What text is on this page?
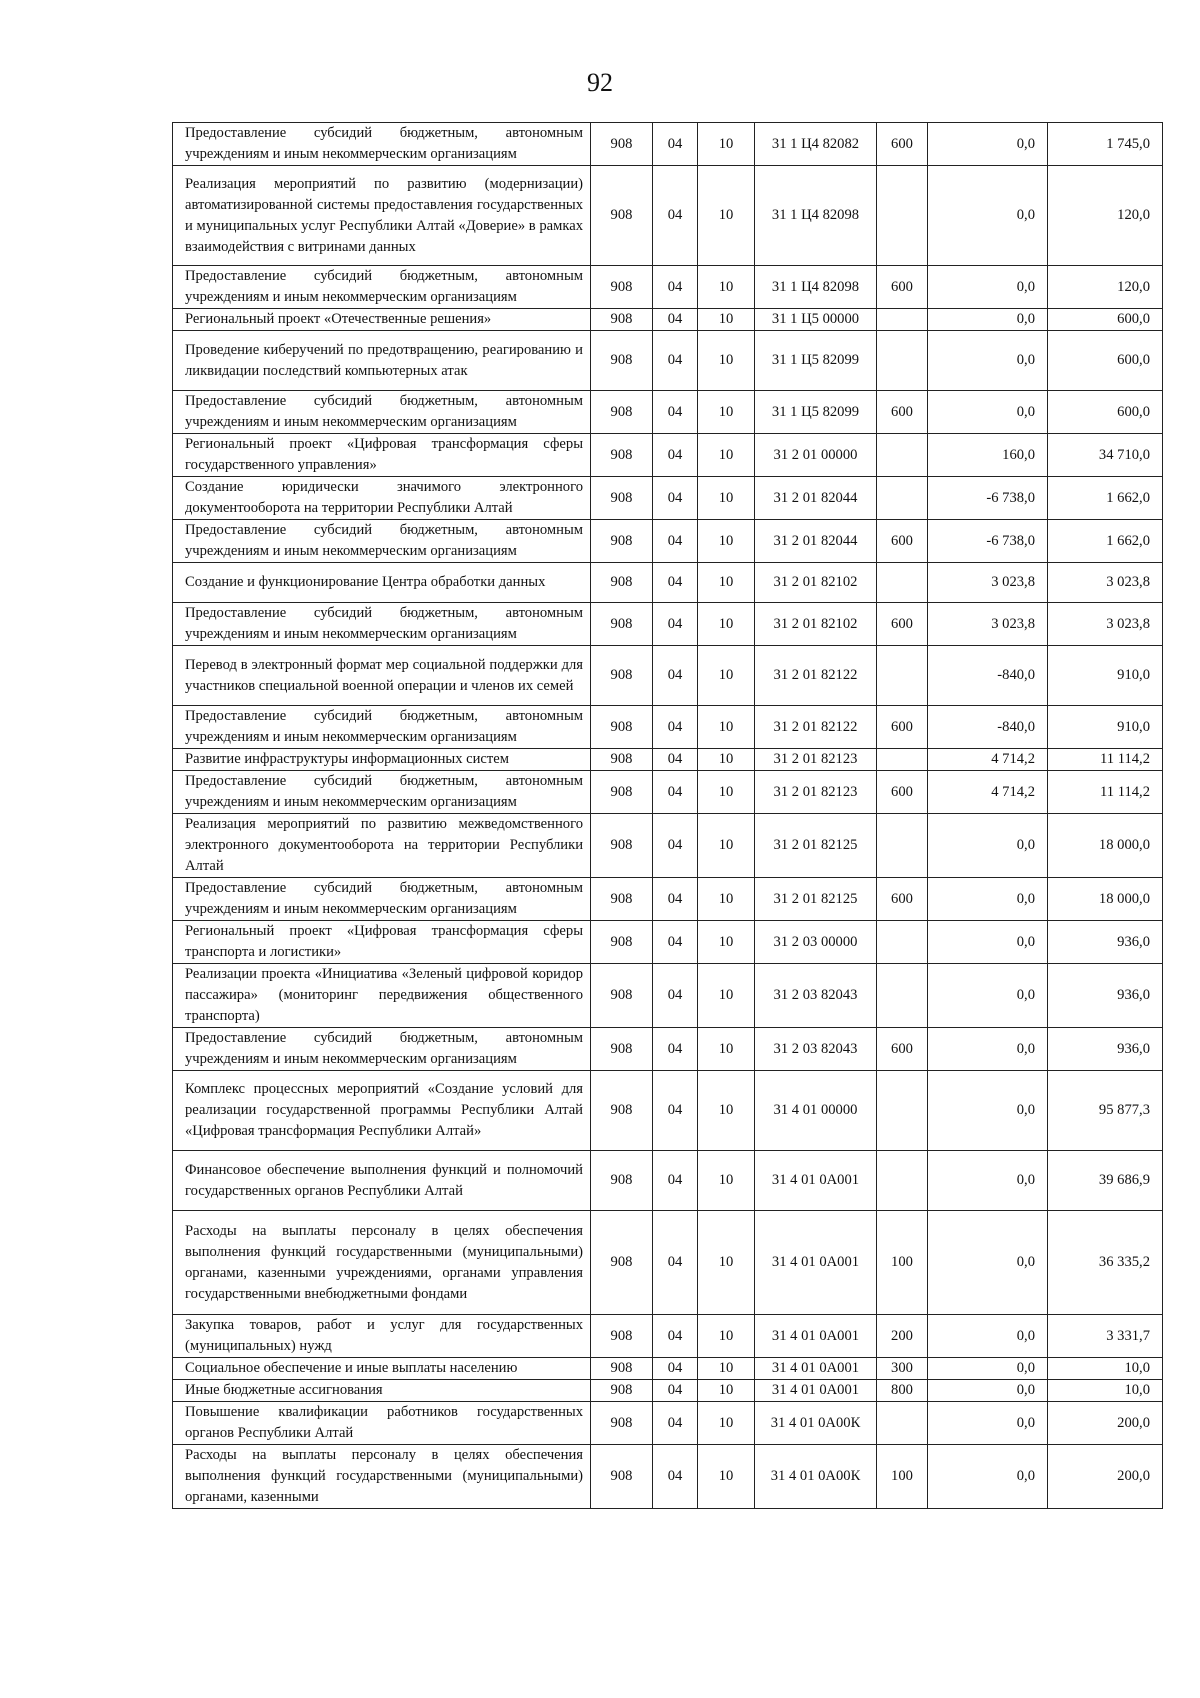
92
Предоставление субсидий бюджетным, автономным учреждениям и иным некоммерческим организациям	908	04	10	31 1 Ц4 82082	600	0,0	1 745,0
Реализация мероприятий по развитию (модернизации) автоматизированной системы предоставления государственных и муниципальных услуг Республики Алтай «Доверие» в рамках взаимодействия с витринами данных	908	04	10	31 1 Ц4 82098		0,0	120,0
Предоставление субсидий бюджетным, автономным учреждениям и иным некоммерческим организациям	908	04	10	31 1 Ц4 82098	600	0,0	120,0
Региональный проект «Отечественные решения»	908	04	10	31 1 Ц5 00000		0,0	600,0
Проведение киберучений по предотвращению, реагированию и ликвидации последствий компьютерных атак	908	04	10	31 1 Ц5 82099		0,0	600,0
Предоставление субсидий бюджетным, автономным учреждениям и иным некоммерческим организациям	908	04	10	31 1 Ц5 82099	600	0,0	600,0
Региональный проект «Цифровая трансформация сферы государственного управления»	908	04	10	31 2 01 00000		160,0	34 710,0
Создание юридически значимого электронного документооборота на территории Республики Алтай	908	04	10	31 2 01 82044		-6 738,0	1 662,0
Предоставление субсидий бюджетным, автономным учреждениям и иным некоммерческим организациям	908	04	10	31 2 01 82044	600	-6 738,0	1 662,0
Создание и функционирование Центра обработки данных	908	04	10	31 2 01 82102		3 023,8	3 023,8
Предоставление субсидий бюджетным, автономным учреждениям и иным некоммерческим организациям	908	04	10	31 2 01 82102	600	3 023,8	3 023,8
Перевод в электронный формат мер социальной поддержки для участников специальной военной операции и членов их семей	908	04	10	31 2 01 82122		-840,0	910,0
Предоставление субсидий бюджетным, автономным учреждениям и иным некоммерческим организациям	908	04	10	31 2 01 82122	600	-840,0	910,0
Развитие инфраструктуры информационных систем	908	04	10	31 2 01 82123		4 714,2	11 114,2
Предоставление субсидий бюджетным, автономным учреждениям и иным некоммерческим организациям	908	04	10	31 2 01 82123	600	4 714,2	11 114,2
Реализация мероприятий по развитию межведомственного электронного документооборота на территории Республики Алтай	908	04	10	31 2 01 82125		0,0	18 000,0
Предоставление субсидий бюджетным, автономным учреждениям и иным некоммерческим организациям	908	04	10	31 2 01 82125	600	0,0	18 000,0
Региональный проект «Цифровая трансформация сферы транспорта и логистики»	908	04	10	31 2 03 00000		0,0	936,0
Реализации проекта «Инициатива «Зеленый цифровой коридор пассажира» (мониторинг передвижения общественного транспорта)	908	04	10	31 2 03 82043		0,0	936,0
Предоставление субсидий бюджетным, автономным учреждениям и иным некоммерческим организациям	908	04	10	31 2 03 82043	600	0,0	936,0
Комплекс процессных мероприятий «Создание условий для реализации государственной программы Республики Алтай «Цифровая трансформация Республики Алтай»	908	04	10	31 4 01 00000		0,0	95 877,3
Финансовое обеспечение выполнения функций и полномочий государственных органов Республики Алтай	908	04	10	31 4 01 0А001		0,0	39 686,9
Расходы на выплаты персоналу в целях обеспечения выполнения функций государственными (муниципальными) органами, казенными учреждениями, органами управления государственными внебюджетными фондами	908	04	10	31 4 01 0А001	100	0,0	36 335,2
Закупка товаров, работ и услуг для государственных (муниципальных) нужд	908	04	10	31 4 01 0А001	200	0,0	3 331,7
Социальное обеспечение и иные выплаты населению	908	04	10	31 4 01 0А001	300	0,0	10,0
Иные бюджетные ассигнования	908	04	10	31 4 01 0А001	800	0,0	10,0
Повышение квалификации работников государственных органов Республики Алтай	908	04	10	31 4 01 0А00К		0,0	200,0
Расходы на выплаты персоналу в целях обеспечения выполнения функций государственными (муниципальными) органами, казенными	908	04	10	31 4 01 0А00К	100	0,0	200,0
